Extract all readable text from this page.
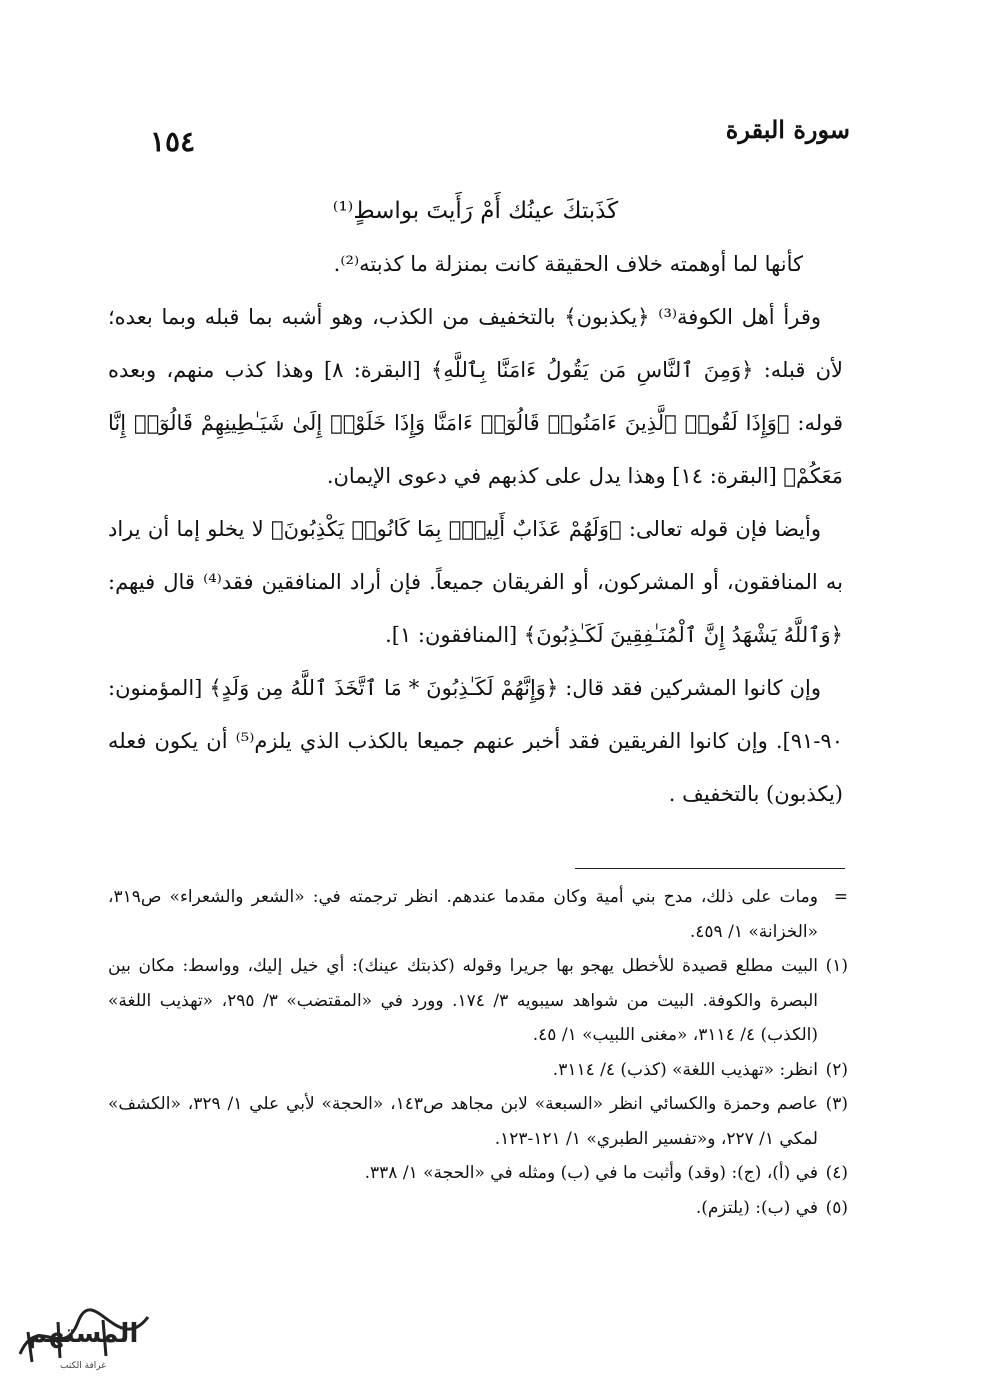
سورة البقرة
١٥٤
كَذَبتكَ عينُك أَمْ رَأَيتَ بواسطٍ⁽¹⁾

كأنها لما أوهمته خلاف الحقيقة كانت بمنزلة ما كذبته⁽²⁾.

وقرأ أهل الكوفة⁽³⁾ ﴿يكذبون﴾ بالتخفيف من الكذب، وهو أشبه بما قبله وبما بعده؛ لأن قبله: ﴿وَمِنَ ٱلنَّاسِ مَن يَقُولُ ءَامَنَّا بِٱللَّهِ﴾ [البقرة: ٨] وهذا كذب منهم، وبعده قوله: ﴿وَإِذَا لَقُوا۟ ٱلَّذِينَ ءَامَنُوا۟ قَالُوٓا۟ ءَامَنَّا وَإِذَا خَلَوْا۟ إِلَىٰ شَيَـٰطِينِهِمْ قَالُوٓا۟ إِنَّا مَعَكُمْ﴾ [البقرة: ١٤] وهذا يدل على كذبهم في دعوى الإيمان.

وأيضا فإن قوله تعالى: ﴿وَلَهُمْ عَذَابٌ أَلِيمٌۢ بِمَا كَانُوا۟ يَكْذِبُونَ﴾ لا يخلو إما أن يراد به المنافقون، أو المشركون، أو الفريقان جميعاً. فإن أراد المنافقين فقد⁽⁴⁾ قال فيهم: ﴿وَٱللَّهُ يَشْهَدُ إِنَّ ٱلْمُنَـٰفِقِينَ لَكَـٰذِبُونَ﴾ [المنافقون: ١].

وإن كانوا المشركين فقد قال: ﴿وَإِنَّهُمْ لَكَـٰذِبُونَ * مَا ٱتَّخَذَ ٱللَّهُ مِن وَلَدٍ﴾ [المؤمنون: ٩٠-٩١]. وإن كانوا الفريقين فقد أخبر عنهم جميعا بالكذب الذي يلزم⁽⁵⁾ أن يكون فعله (يكذبون) بالتخفيف .

=ومات على ذلك، مدح بني أمية وكان مقدما عندهم. انظر ترجمته في: «الشعر والشعراء» ص٣١٩، «الخزانة» ١/ ٤٥٩.

(١)البيت مطلع قصيدة للأخطل يهجو بها جريرا وقوله (كذبتك عينك): أي خيل إليك، وواسط: مكان بين البصرة والكوفة. البيت من شواهد سيبويه ٣/ ١٧٤. وورد في «المقتضب» ٣/ ٢٩٥، «تهذيب اللغة» (الكذب) ٤/ ٣١١٤، «مغنى اللبيب» ١/ ٤٥.

(٢)انظر: «تهذيب اللغة» (كذب) ٤/ ٣١١٤.

(٣)عاصم وحمزة والكسائي انظر «السبعة» لابن مجاهد ص١٤٣، «الحجة» لأبي علي ١/ ٣٢٩، «الكشف» لمكي ١/ ٢٢٧، و«تفسير الطبري» ١/ ١٢١-١٢٣.

(٤)في (أ)، (ج): (وقد) وأثبت ما في (ب) ومثله في «الحجة» ١/ ٣٣٨.

(٥)في (ب): (يلتزم).

المستهم
غرافة الكتب
